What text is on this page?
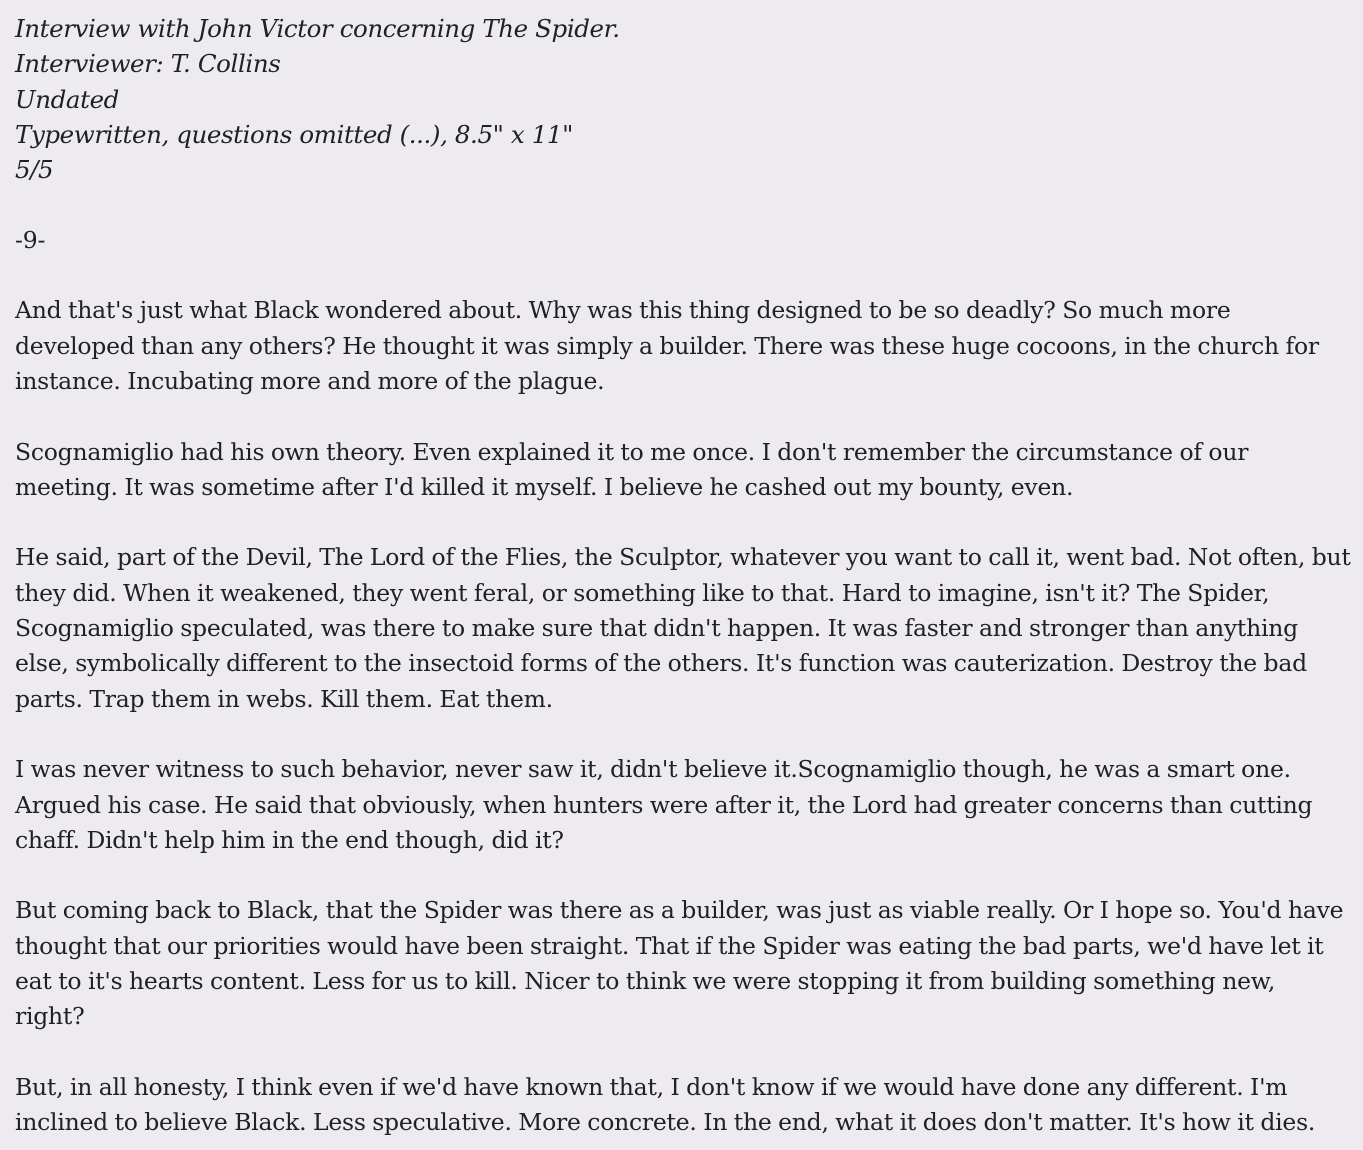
Interview with John Victor concerning The Spider.
Interviewer: T. Collins
Undated
Typewritten, questions omitted (...), 8.5" x 11"
5/5
-9-

And that's just what Black wondered about. Why was this thing designed to be so deadly? So much more
developed than any others? He thought it was simply a builder. There was these huge cocoons, in the church for
instance. Incubating more and more of the plague.

Scognamiglio had his own theory. Even explained it to me once. I don't remember the circumstance of our
meeting. It was sometime after I'd killed it myself. I believe he cashed out my bounty, even.

He said, part of the Devil, The Lord of the Flies, the Sculptor, whatever you want to call it, went bad. Not often, but
they did. When it weakened, they went feral, or something like to that. Hard to imagine, isn't it? The Spider,
Scognamiglio speculated, was there to make sure that didn't happen. It was faster and stronger than anything
else, symbolically different to the insectoid forms of the others. It's function was cauterization. Destroy the bad
parts. Trap them in webs. Kill them. Eat them.

I was never witness to such behavior, never saw it, didn't believe it.Scognamiglio though, he was a smart one.
Argued his case. He said that obviously, when hunters were after it, the Lord had greater concerns than cutting
chaff. Didn't help him in the end though, did it?

But coming back to Black, that the Spider was there as a builder, was just as viable really. Or I hope so. You'd have
thought that our priorities would have been straight. That if the Spider was eating the bad parts, we'd have let it
eat to it's hearts content. Less for us to kill. Nicer to think we were stopping it from building something new,
right?

But, in all honesty, I think even if we'd have known that, I don't know if we would have done any different. I'm
inclined to believe Black. Less speculative. More concrete. In the end, what it does don't matter. It's how it dies.
